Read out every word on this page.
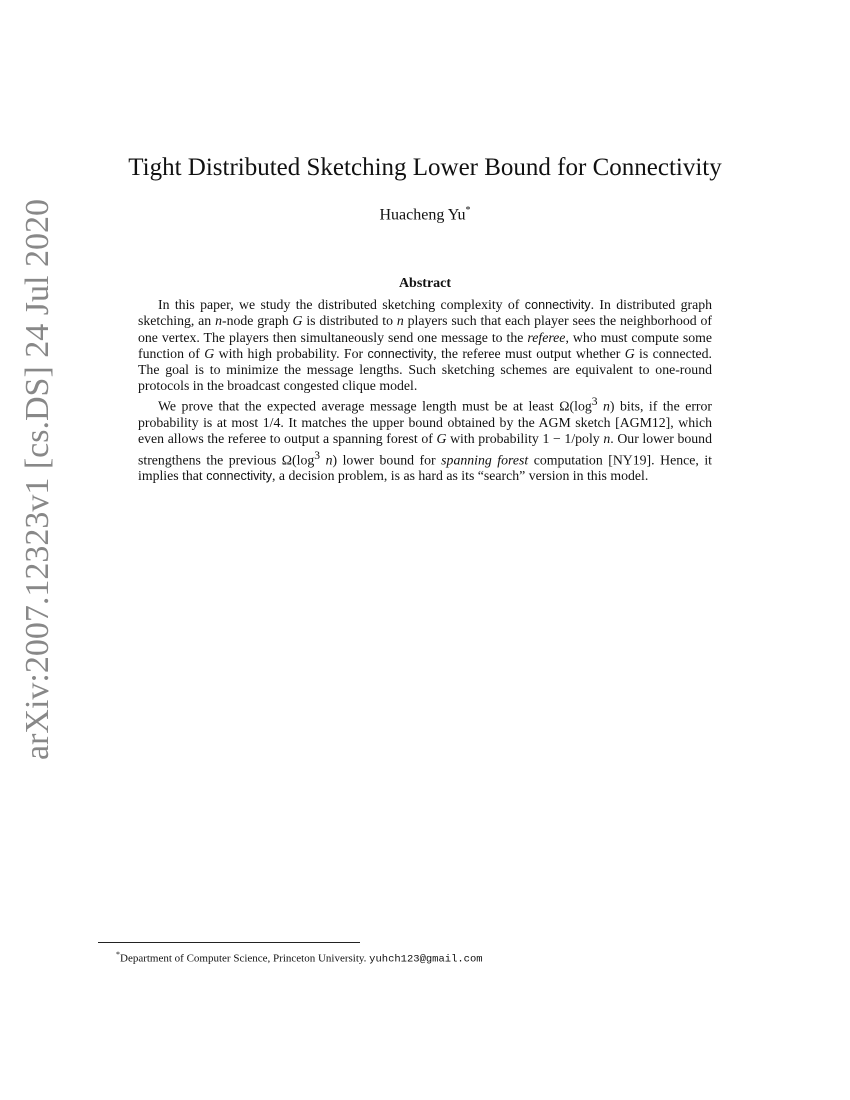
arXiv:2007.12323v1 [cs.DS] 24 Jul 2020
Tight Distributed Sketching Lower Bound for Connectivity
Huacheng Yu*
Abstract

In this paper, we study the distributed sketching complexity of connectivity. In distributed graph sketching, an n-node graph G is distributed to n players such that each player sees the neighborhood of one vertex. The players then simultaneously send one message to the referee, who must compute some function of G with high probability. For connectivity, the referee must output whether G is connected. The goal is to minimize the message lengths. Such sketching schemes are equivalent to one-round protocols in the broadcast congested clique model.

We prove that the expected average message length must be at least $\Omega(\log^3$ n) bits, if the error probability is at most 1/4. It matches the upper bound obtained by the AGM sketch [AGM12], which even allows the referee to output a spanning forest of G with probability 1 − 1/poly n. Our lower bound strengthens the previous $\Omega(\log^3$ n) lower bound for spanning forest computation [NY19]. Hence, it implies that connectivity, a decision problem, is as hard as its “search” version in this model.

*Department of Computer Science, Princeton University. yuhch123@gmail.com
